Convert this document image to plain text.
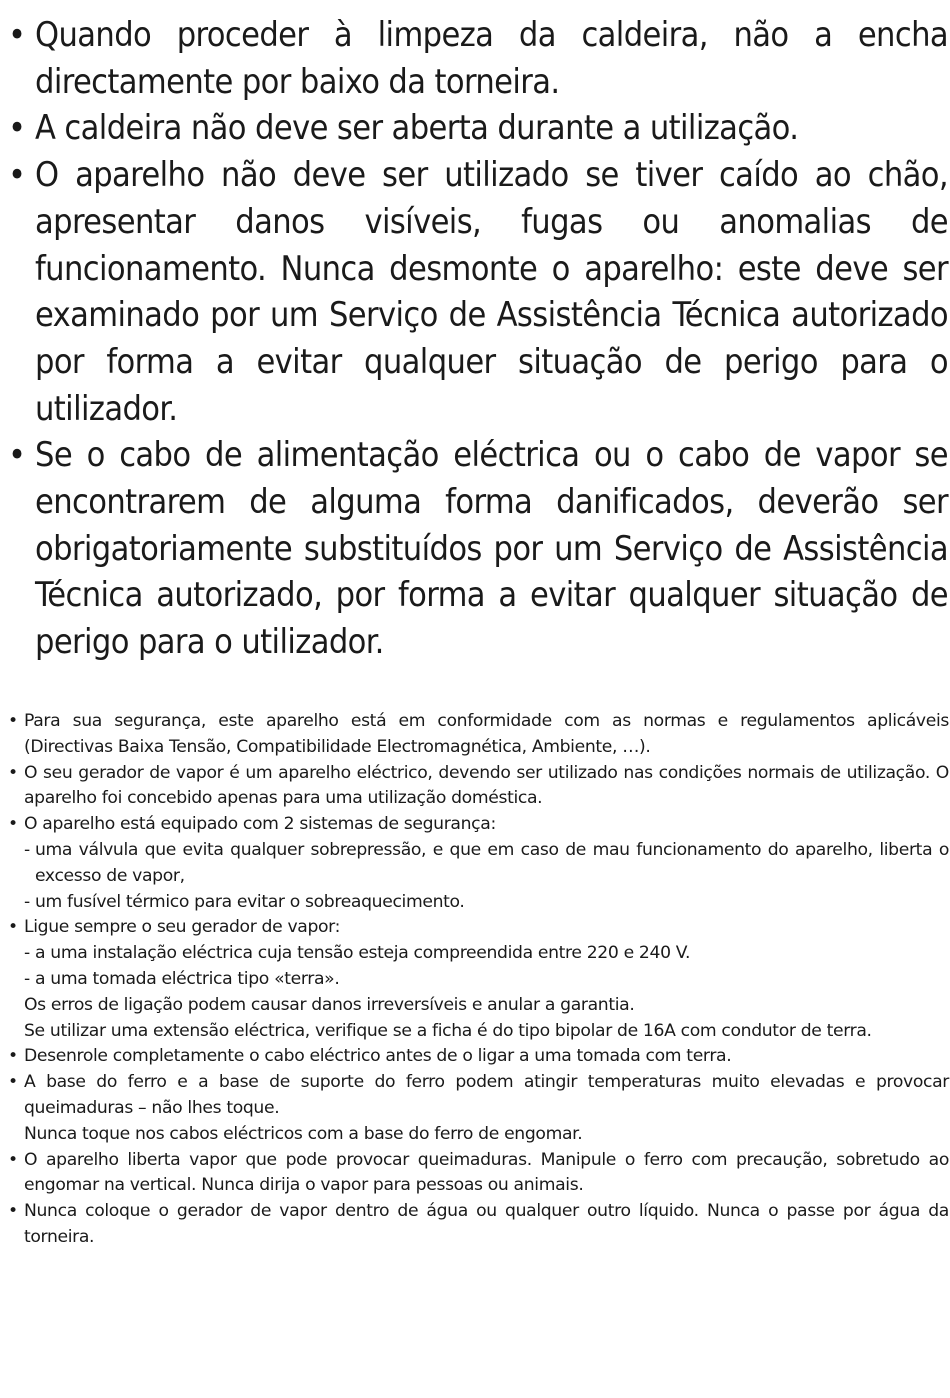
• Quando proceder à limpeza da caldeira, não a encha directamente por baixo da torneira.
• A caldeira não deve ser aberta durante a utilização.
• O aparelho não deve ser utilizado se tiver caído ao chão, apresentar danos visíveis, fugas ou anomalias de funcionamento. Nunca desmonte o aparelho: este deve ser examinado por um Serviço de Assistência Técnica autorizado por forma a evitar qualquer situação de perigo para o utilizador.
• Se o cabo de alimentação eléctrica ou o cabo de vapor se encontrarem de alguma forma danificados, deverão ser obrigatoriamente substituídos por um Serviço de Assistência Técnica autorizado, por forma a evitar qualquer situação de perigo para o utilizador.
• Para sua segurança, este aparelho está em conformidade com as normas e regulamentos aplicáveis (Directivas Baixa Tensão, Compatibilidade Electromagnética, Ambiente, …).
• O seu gerador de vapor é um aparelho eléctrico, devendo ser utilizado nas condições normais de utilização. O aparelho foi concebido apenas para uma utilização doméstica.
• O aparelho está equipado com 2 sistemas de segurança:
- uma válvula que evita qualquer sobrepressão, e que em caso de mau funcionamento do aparelho, liberta o excesso de vapor,
- um fusível térmico para evitar o sobreaquecimento.
• Ligue sempre o seu gerador de vapor:
- a uma instalação eléctrica cuja tensão esteja compreendida entre 220 e 240 V.
- a uma tomada eléctrica tipo «terra».
Os erros de ligação podem causar danos irreversíveis e anular a garantia.
Se utilizar uma extensão eléctrica, verifique se a ficha é do tipo bipolar de 16A com condutor de terra.
• Desenrole completamente o cabo eléctrico antes de o ligar a uma tomada com terra.
• A base do ferro e a base de suporte do ferro podem atingir temperaturas muito elevadas e provocar queimaduras – não lhes toque.
Nunca toque nos cabos eléctricos com a base do ferro de engomar.
• O aparelho liberta vapor que pode provocar queimaduras. Manipule o ferro com precaução, sobretudo ao engomar na vertical. Nunca dirija o vapor para pessoas ou animais.
• Nunca coloque o gerador de vapor dentro de água ou qualquer outro líquido. Nunca o passe por água da torneira.
